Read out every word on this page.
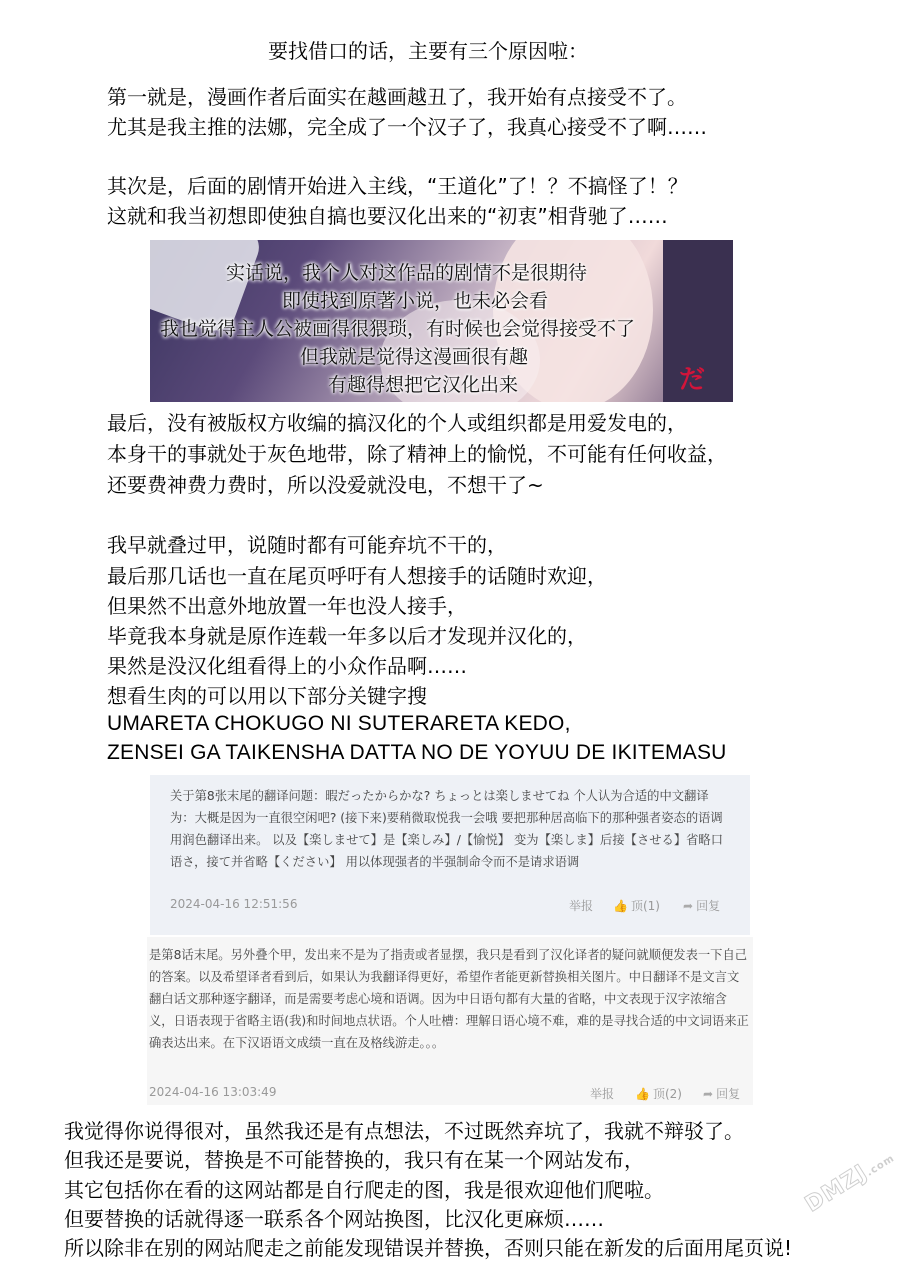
要找借口的话，主要有三个原因啦：
第一就是，漫画作者后面实在越画越丑了，我开始有点接受不了。
尤其是我主推的法娜，完全成了一个汉子了，我真心接受不了啊……
其次是，后面的剧情开始进入主线，“王道化”了！？不搞怪了！？
这就和我当初想即使独自搞也要汉化出来的“初衷”相背驰了……
实话说，我个人对这作品的剧情不是很期待
即使找到原著小说，也未必会看
我也觉得主人公被画得很猥琐，有时候也会觉得接受不了
但我就是觉得这漫画很有趣
有趣得想把它汉化出来	だ
最后，没有被版权方收编的搞汉化的个人或组织都是用爱发电的，
本身干的事就处于灰色地带，除了精神上的愉悦，不可能有任何收益，
还要费神费力费时，所以没爱就没电，不想干了~
我早就叠过甲，说随时都有可能弃坑不干的，
最后那几话也一直在尾页呼吁有人想接手的话随时欢迎，
但果然不出意外地放置一年也没人接手，
毕竟我本身就是原作连载一年多以后才发现并汉化的，
果然是没汉化组看得上的小众作品啊……
想看生肉的可以用以下部分关键字搜
UMARETA CHOKUGO NI SUTERARETA KEDO,
ZENSEI GA TAIKENSHA DATTA NO DE YOYUU DE IKITEMASU
关于第8张末尾的翻译问题：暇だったからかな? ちょっとは楽しませてね 个人认为合适的中文翻译为：大概是因为一直很空闲吧? (接下来)要稍微取悦我一会哦 要把那种居高临下的那种强者姿态的语调用润色翻译出来。 以及【楽しませて】是【楽しみ】/【愉悦】 变为【楽しま】后接【させる】省略口语さ，接て并省略【ください】 用以体现强者的半强制命令而不是请求语调
2024-04-16 12:51:56	举报 👍 顶(1) ➦ 回复
是第8话末尾。另外叠个甲，发出来不是为了指责或者显摆，我只是看到了汉化译者的疑问就顺便发表一下自己的答案。以及希望译者看到后，如果认为我翻译得更好，希望作者能更新替换相关图片。中日翻译不是文言文翻白话文那种逐字翻译，而是需要考虑心境和语调。因为中日语句都有大量的省略，中文表现于汉字浓缩含义，日语表现于省略主语(我)和时间地点状语。个人吐槽：理解日语心境不难，难的是寻找合适的中文词语来正确表达出来。在下汉语语文成绩一直在及格线游走。。。
2024-04-16 13:03:49	举报 👍 顶(2) ➦ 回复
我觉得你说得很对，虽然我还是有点想法，不过既然弃坑了，我就不辩驳了。
但我还是要说，替换是不可能替换的，我只有在某一个网站发布，
其它包括你在看的这网站都是自行爬走的图，我是很欢迎他们爬啦。
但要替换的话就得逐一联系各个网站换图，比汉化更麻烦……
所以除非在别的网站爬走之前能发现错误并替换，否则只能在新发的后面用尾页说!
DMZJ.com
